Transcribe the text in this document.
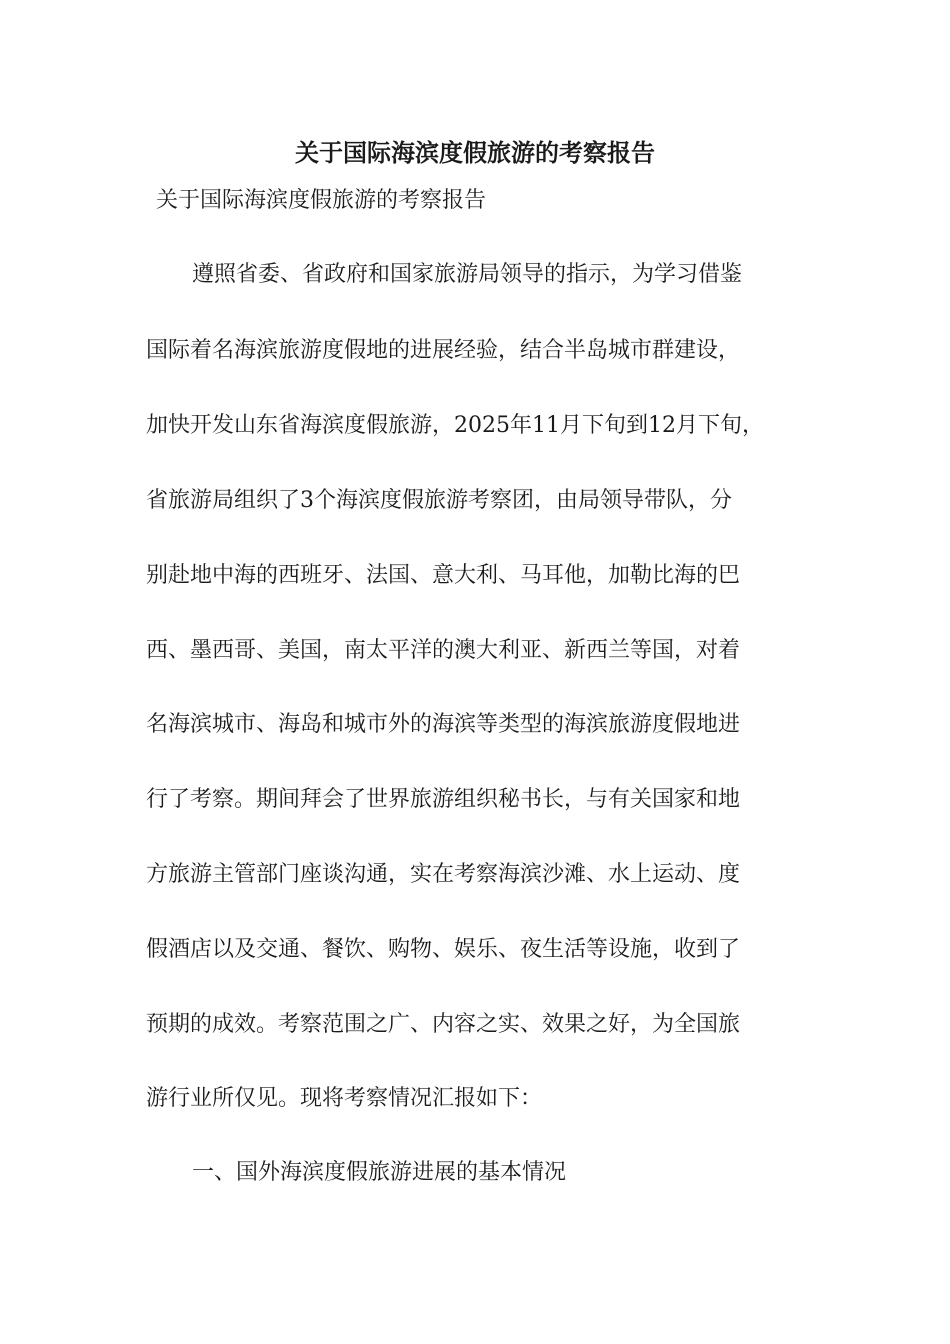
关于国际海滨度假旅游的考察报告
关于国际海滨度假旅游的考察报告
遵照省委、省政府和国家旅游局领导的指示，为学习借鉴
国际着名海滨旅游度假地的进展经验，结合半岛城市群建设，
加快开发山东省海滨度假旅游，2025年11月下旬到12月下旬，
省旅游局组织了3个海滨度假旅游考察团，由局领导带队，分
别赴地中海的西班牙、法国、意大利、马耳他，加勒比海的巴
西、墨西哥、美国，南太平洋的澳大利亚、新西兰等国，对着
名海滨城市、海岛和城市外的海滨等类型的海滨旅游度假地进
行了考察。期间拜会了世界旅游组织秘书长，与有关国家和地
方旅游主管部门座谈沟通，实在考察海滨沙滩、水上运动、度
假酒店以及交通、餐饮、购物、娱乐、夜生活等设施，收到了
预期的成效。考察范围之广、内容之实、效果之好，为全国旅
游行业所仅见。现将考察情况汇报如下：
一、国外海滨度假旅游进展的基本情况
